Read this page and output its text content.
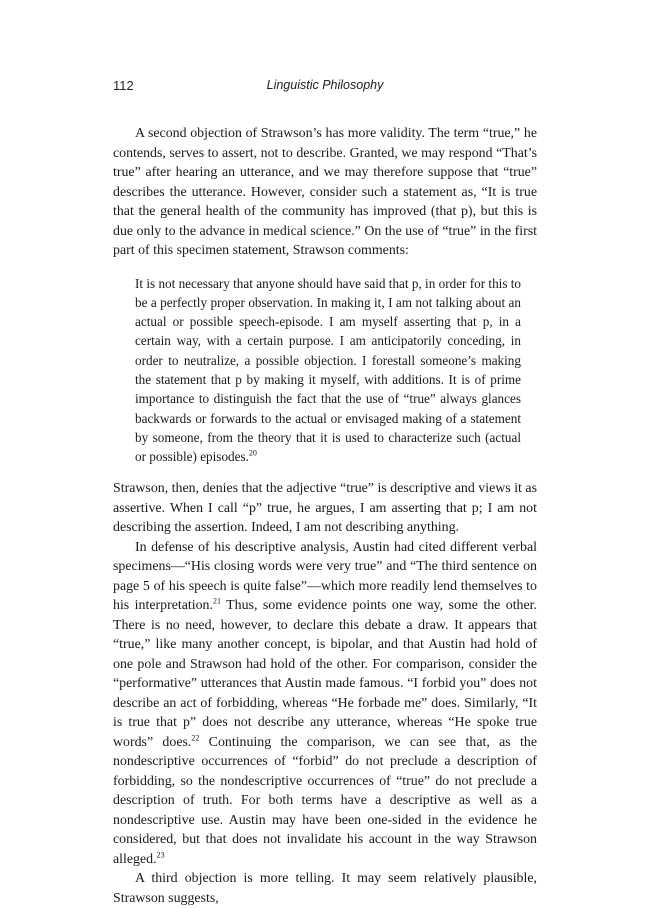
112	Linguistic Philosophy

A second objection of Strawson’s has more validity. The term “true,” he contends, serves to assert, not to describe. Granted, we may respond “That’s true” after hearing an utterance, and we may therefore suppose that “true” describes the utterance. However, consider such a statement as, “It is true that the general health of the community has improved (that p), but this is due only to the advance in medical science.” On the use of “true” in the first part of this specimen statement, Strawson comments:

It is not necessary that anyone should have said that p, in order for this to be a perfectly proper observation. In making it, I am not talking about an actual or possible speech-episode. I am myself asserting that p, in a certain way, with a certain purpose. I am anticipatorily conceding, in order to neutralize, a possible objection. I forestall someone’s making the statement that p by making it myself, with additions. It is of prime importance to distinguish the fact that the use of “true” always glances backwards or forwards to the actual or envisaged making of a statement by someone, from the theory that it is used to characterize such (actual or possible) episodes.$^{20}$

Strawson, then, denies that the adjective “true” is descriptive and views it as assertive. When I call “p” true, he argues, I am asserting that p; I am not describing the assertion. Indeed, I am not describing anything.

In defense of his descriptive analysis, Austin had cited different verbal specimens—“His closing words were very true” and “The third sentence on page 5 of his speech is quite false”—which more readily lend themselves to his interpretation.$^{21}$ Thus, some evidence points one way, some the other. There is no need, however, to declare this debate a draw. It appears that “true,” like many another concept, is bipolar, and that Austin had hold of one pole and Strawson had hold of the other. For comparison, consider the “performative” utterances that Austin made famous. “I forbid you” does not describe an act of forbidding, whereas “He forbade me” does. Similarly, “It is true that p” does not describe any utterance, whereas “He spoke true words” does.$^{22}$ Continuing the comparison, we can see that, as the nondescriptive occurrences of “forbid” do not preclude a description of forbidding, so the nondescriptive occurrences of “true” do not preclude a description of truth. For both terms have a descriptive as well as a nondescriptive use. Austin may have been one-sided in the evidence he considered, but that does not invalidate his account in the way Strawson alleged.$^{23}$

A third objection is more telling. It may seem relatively plausible, Strawson suggests,
